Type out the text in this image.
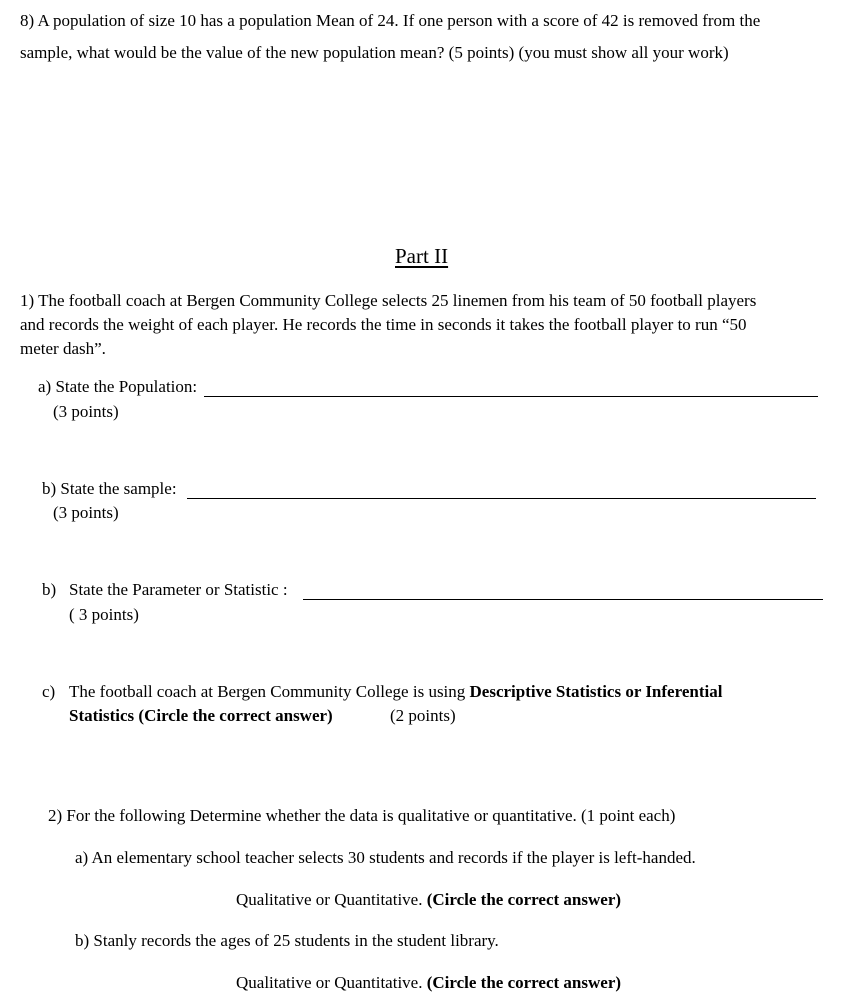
8) A population of size 10 has a population Mean of 24. If one person with a score of 42 is removed from the
sample, what would be the value of the new population mean? (5 points) (you must show all your work)
Part II
1) The football coach at Bergen Community College selects 25 linemen from his team of 50 football players
and records the weight of each player. He records the time in seconds it takes the football player to run “50
meter dash”.
a) State the Population:
(3 points)
b) State the sample:
(3 points)
b) State the Parameter or Statistic :
( 3 points)
c) The football coach at Bergen Community College is using Descriptive Statistics or Inferential
Statistics (Circle the correct answer)	(2 points)
2) For the following Determine whether the data is qualitative or quantitative. (1 point each)
a) An elementary school teacher selects 30 students and records if the player is left-handed.
Qualitative or Quantitative. (Circle the correct answer)
b) Stanly records the ages of 25 students in the student library.
Qualitative or Quantitative. (Circle the correct answer)
